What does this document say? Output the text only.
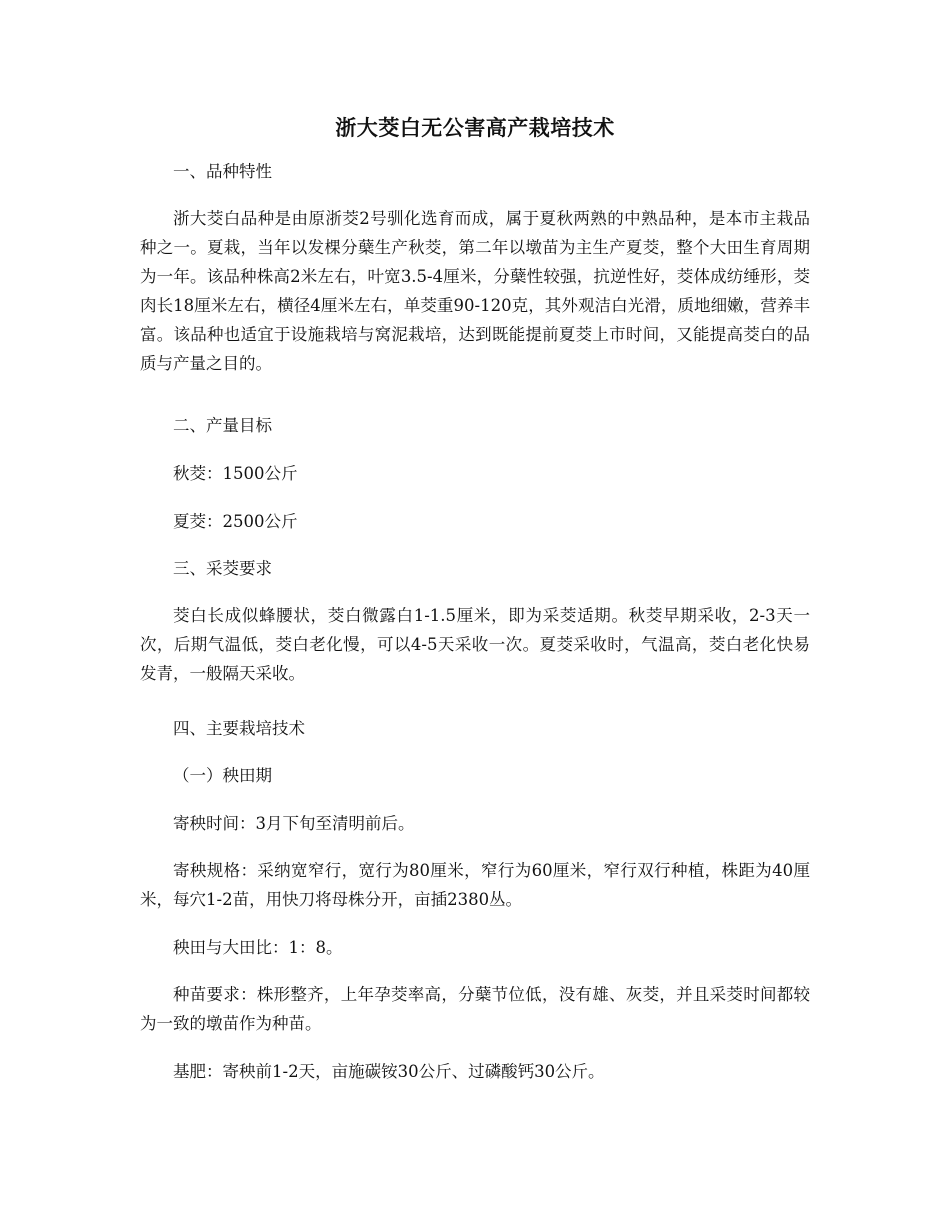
浙大茭白无公害高产栽培技术
一、品种特性
浙大茭白品种是由原浙茭2号驯化选育而成，属于夏秋两熟的中熟品种，是本市主栽品种之一。夏栽，当年以发棵分蘖生产秋茭，第二年以墩苗为主生产夏茭，整个大田生育周期为一年。该品种株高2米左右，叶宽3.5-4厘米，分蘖性较强，抗逆性好，茭体成纺缍形，茭肉长18厘米左右，横径4厘米左右，单茭重90-120克，其外观洁白光滑，质地细嫩，营养丰富。该品种也适宜于设施栽培与窝泥栽培，达到既能提前夏茭上市时间，又能提高茭白的品质与产量之目的。
二、产量目标
秋茭：1500公斤
夏茭：2500公斤
三、采茭要求
茭白长成似蜂腰状，茭白微露白1-1.5厘米，即为采茭适期。秋茭早期采收，2-3天一次，后期气温低，茭白老化慢，可以4-5天采收一次。夏茭采收时，气温高，茭白老化快易发青，一般隔天采收。
四、主要栽培技术
（一）秧田期
寄秧时间：3月下旬至清明前后。
寄秧规格：采纳宽窄行，宽行为80厘米，窄行为60厘米，窄行双行种植，株距为40厘米，每穴1-2苗，用快刀将母株分开，亩插2380丛。
秧田与大田比：1：8。
种苗要求：株形整齐，上年孕茭率高，分蘖节位低，没有雄、灰茭，并且采茭时间都较为一致的墩苗作为种苗。
基肥：寄秧前1-2天，亩施碳铵30公斤、过磷酸钙30公斤。
